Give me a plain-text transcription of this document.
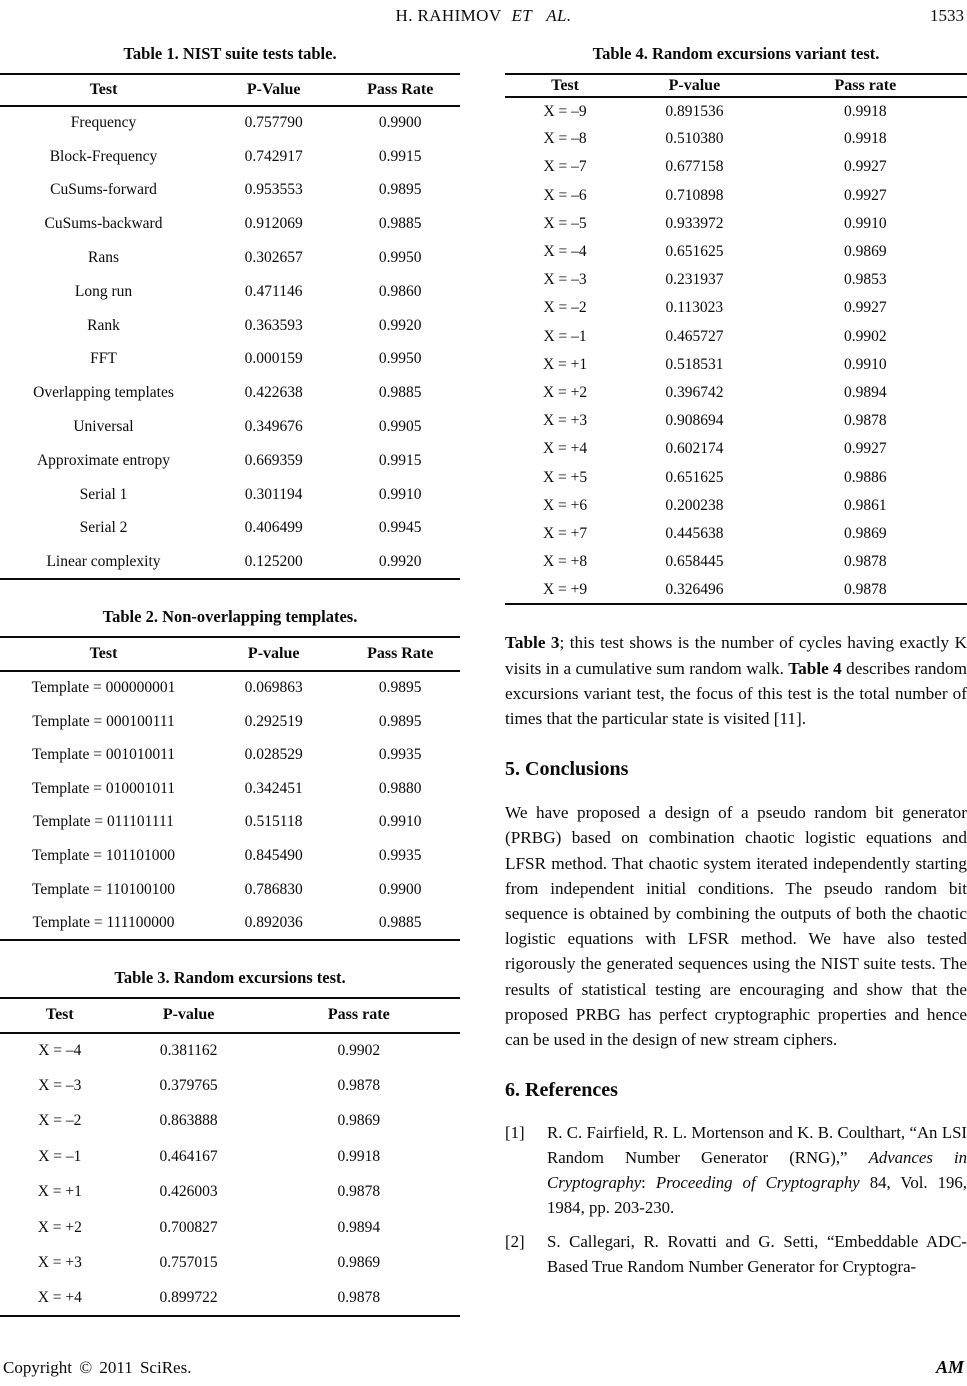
H. RAHIMOV ET AL.	1533
Table 1. NIST suite tests table.
Test	P-Value	Pass Rate
Frequency	0.757790	0.9900
Block-Frequency	0.742917	0.9915
CuSums-forward	0.953553	0.9895
CuSums-backward	0.912069	0.9885
Rans	0.302657	0.9950
Long run	0.471146	0.9860
Rank	0.363593	0.9920
FFT	0.000159	0.9950
Overlapping templates	0.422638	0.9885
Universal	0.349676	0.9905
Approximate entropy	0.669359	0.9915
Serial 1	0.301194	0.9910
Serial 2	0.406499	0.9945
Linear complexity	0.125200	0.9920
Table 2. Non-overlapping templates.
Test	P-value	Pass Rate
Template = 000000001	0.069863	0.9895
Template = 000100111	0.292519	0.9895
Template = 001010011	0.028529	0.9935
Template = 010001011	0.342451	0.9880
Template = 011101111	0.515118	0.9910
Template = 101101000	0.845490	0.9935
Template = 110100100	0.786830	0.9900
Template = 111100000	0.892036	0.9885
Table 3. Random excursions test.
Test	P-value	Pass rate
X = –4	0.381162	0.9902
X = –3	0.379765	0.9878
X = –2	0.863888	0.9869
X = –1	0.464167	0.9918
X = +1	0.426003	0.9878
X = +2	0.700827	0.9894
X = +3	0.757015	0.9869
X = +4	0.899722	0.9878
Table 4. Random excursions variant test.
Test	P-value	Pass rate
X = –9	0.891536	0.9918
X = –8	0.510380	0.9918
X = –7	0.677158	0.9927
X = –6	0.710898	0.9927
X = –5	0.933972	0.9910
X = –4	0.651625	0.9869
X = –3	0.231937	0.9853
X = –2	0.113023	0.9927
X = –1	0.465727	0.9902
X = +1	0.518531	0.9910
X = +2	0.396742	0.9894
X = +3	0.908694	0.9878
X = +4	0.602174	0.9927
X = +5	0.651625	0.9886
X = +6	0.200238	0.9861
X = +7	0.445638	0.9869
X = +8	0.658445	0.9878
X = +9	0.326496	0.9878

Table 3; this test shows is the number of cycles having exactly K visits in a cumulative sum random walk. Table 4 describes random excursions variant test, the focus of this test is the total number of times that the particular state is visited [11].

5. Conclusions

We have proposed a design of a pseudo random bit generator (PRBG) based on combination chaotic logistic equations and LFSR method. That chaotic system iterated independently starting from independent initial conditions. The pseudo random bit sequence is obtained by combining the outputs of both the chaotic logistic equations with LFSR method. We have also tested rigorously the generated sequences using the NIST suite tests. The results of statistical testing are encouraging and show that the proposed PRBG has perfect cryptographic properties and hence can be used in the design of new stream ciphers.

6. References
[1]	R. C. Fairfield, R. L. Mortenson and K. B. Coulthart, “An LSI Random Number Generator (RNG),” Advances in Cryptography: Proceeding of Cryptography 84, Vol. 196, 1984, pp. 203-230.

[2]	S. Callegari, R. Rovatti and G. Setti, “Embeddable ADC-Based True Random Number Generator for Cryptogra-

Copyright © 2011 SciRes.	AM
